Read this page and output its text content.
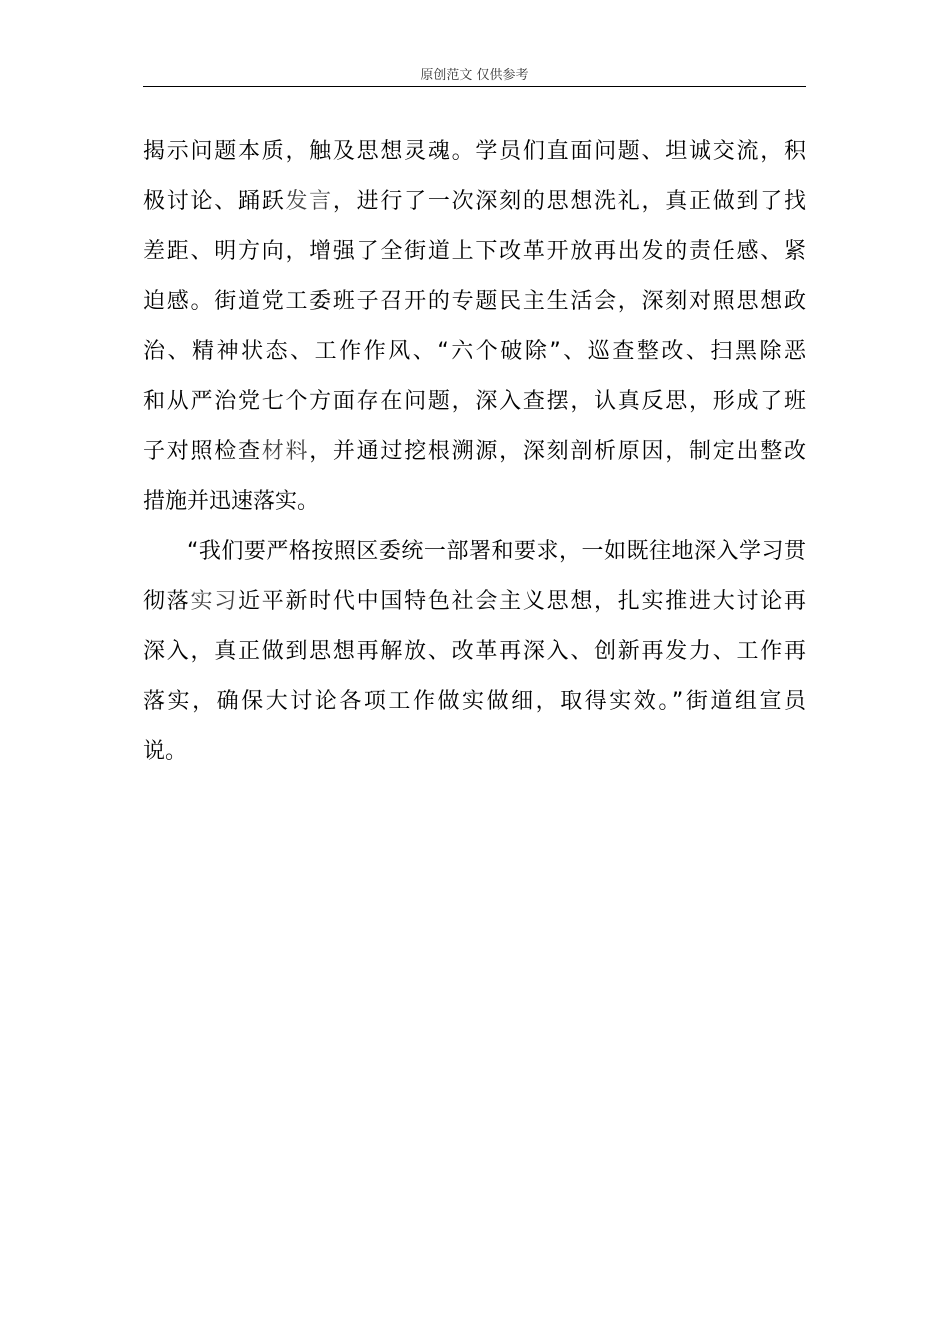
原创范文 仅供参考
揭示问题本质，触及思想灵魂。学员们直面问题、坦诚交流，积
极讨论、踊跃发言，进行了一次深刻的思想洗礼，真正做到了找
差距、明方向，增强了全街道上下改革开放再出发的责任感、紧
迫感。街道党工委班子召开的专题民主生活会，深刻对照思想政
治、精神状态、工作作风、“六个破除”、巡查整改、扫黑除恶
和从严治党七个方面存在问题，深入查摆，认真反思，形成了班
子对照检查材料，并通过挖根溯源，深刻剖析原因，制定出整改
措施并迅速落实。
“我们要严格按照区委统一部署和要求，一如既往地深入学习贯
彻落实习近平新时代中国特色社会主义思想，扎实推进大讨论再
深入，真正做到思想再解放、改革再深入、创新再发力、工作再
落实，确保大讨论各项工作做实做细，取得实效。”街道组宣员
说。
